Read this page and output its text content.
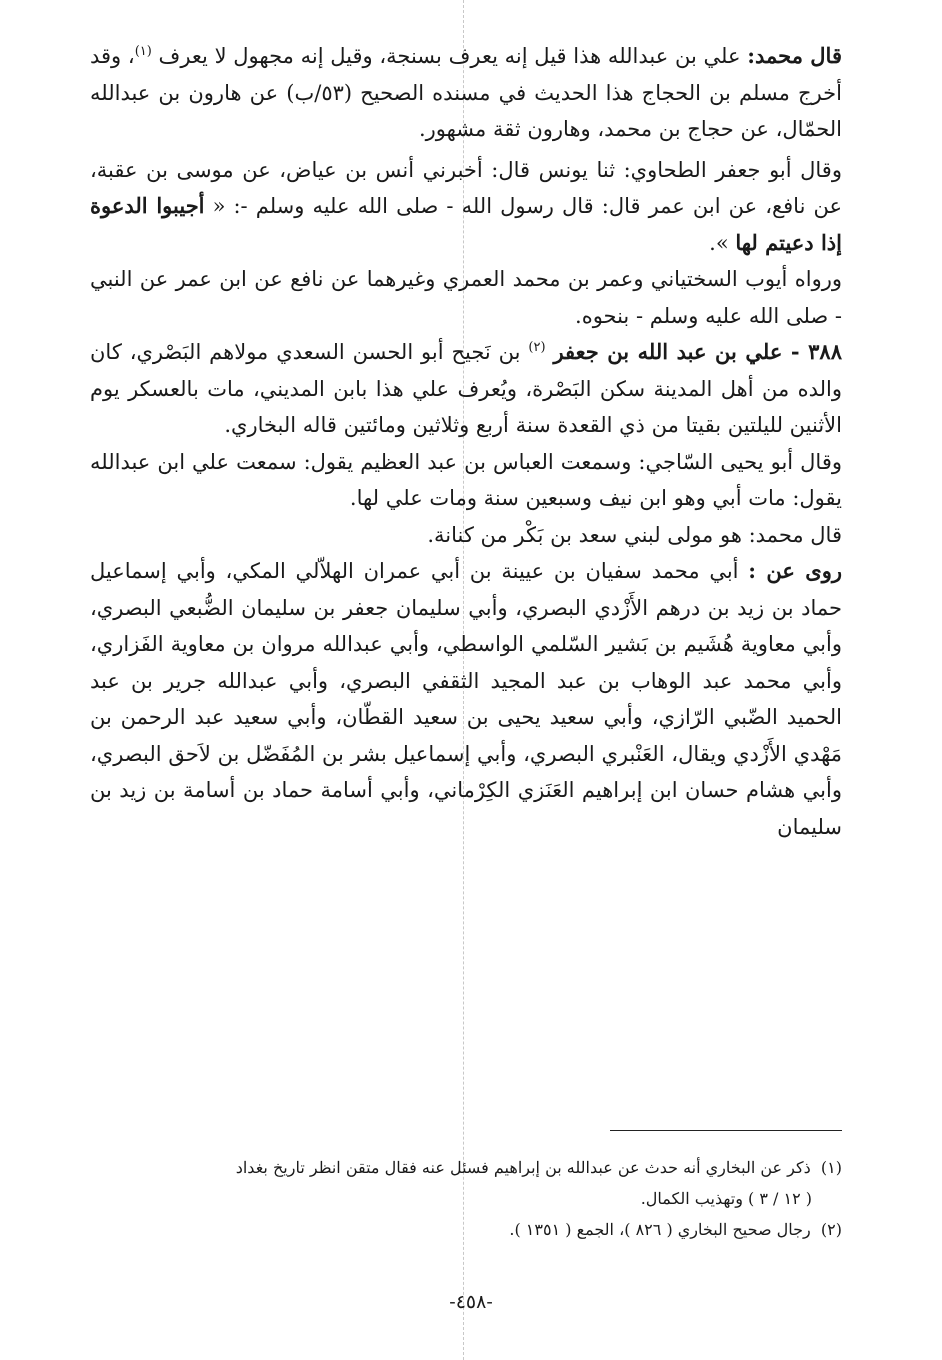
قال محمد: علي بن عبدالله هذا قيل إنه يعرف بسنجة، وقيل إنه مجهول لا يعرف $^{(١)}$، وقد أخرج مسلم بن الحجاج هذا الحديث في مسنده الصحيح (٥٣/ب) عن هارون بن عبدالله الحمّال، عن حجاج بن محمد، وهارون ثقة مشهور.

وقال أبو جعفر الطحاوي: ثنا يونس قال: أخبرني أنس بن عياض، عن موسى بن عقبة، عن نافع، عن ابن عمر قال: قال رسول الله - صلى الله عليه وسلم -: « أجيبوا الدعوة إذا دعيتم لها ».

ورواه أيوب السختياني وعمر بن محمد العمري وغيرهما عن نافع عن ابن عمر عن النبي - صلى الله عليه وسلم - بنحوه.

٣٨٨ - علي بن عبد الله بن جعفر $^{(٢)}$ بن نَجيح أبو الحسن السعدي مولاهم البَصْري، كان والده من أهل المدينة سكن البَصْرة، ويُعرف علي هذا بابن المديني، مات بالعسكر يوم الأثنين لليلتين بقيتا من ذي القعدة سنة أربع وثلاثين ومائتين قاله البخاري.

وقال أبو يحيى السّاجي: وسمعت العباس بن عبد العظيم يقول: سمعت علي ابن عبدالله يقول: مات أبي وهو ابن نيف وسبعين سنة ومات علي لها.

قال محمد: هو مولى لبني سعد بن بَكْر من كنانة.

روى عن : أبي محمد سفيان بن عيينة بن أبي عمران الهلاّلي المكي، وأبي إسماعيل حماد بن زيد بن درهم الأَزْدي البصري، وأبي سليمان جعفر بن سليمان الضُّبعي البصري، وأبي معاوية هُشَيم بن بَشير السّلمي الواسطي، وأبي عبدالله مروان بن معاوية الفَزاري، وأبي محمد عبد الوهاب بن عبد المجيد الثقفي البصري، وأبي عبدالله جرير بن عبد الحميد الضّبي الرّازي، وأبي سعيد يحيى بن سعيد القطّان، وأبي سعيد عبد الرحمن بن مَهْدي الأَزْدي ويقال، العَنْبري البصري، وأبي إسماعيل بشر بن المُفَضّل بن لاَحق البصري، وأبي هشام حسان ابن إبراهيم العَنَزي الكِرْماني، وأبي أسامة حماد بن أسامة بن زيد بن سليمان

(١)  ذكر عن البخاري أنه حدث عن عبدالله بن إبراهيم فسئل عنه فقال متقن انظر تاريخ بغداد

( ١٢ / ٣ ) وتهذيب الكمال.

(٢)  رجال صحيح البخاري ( ٨٢٦ )، الجمع ( ١٣٥١ ).

-٤٥٨-
